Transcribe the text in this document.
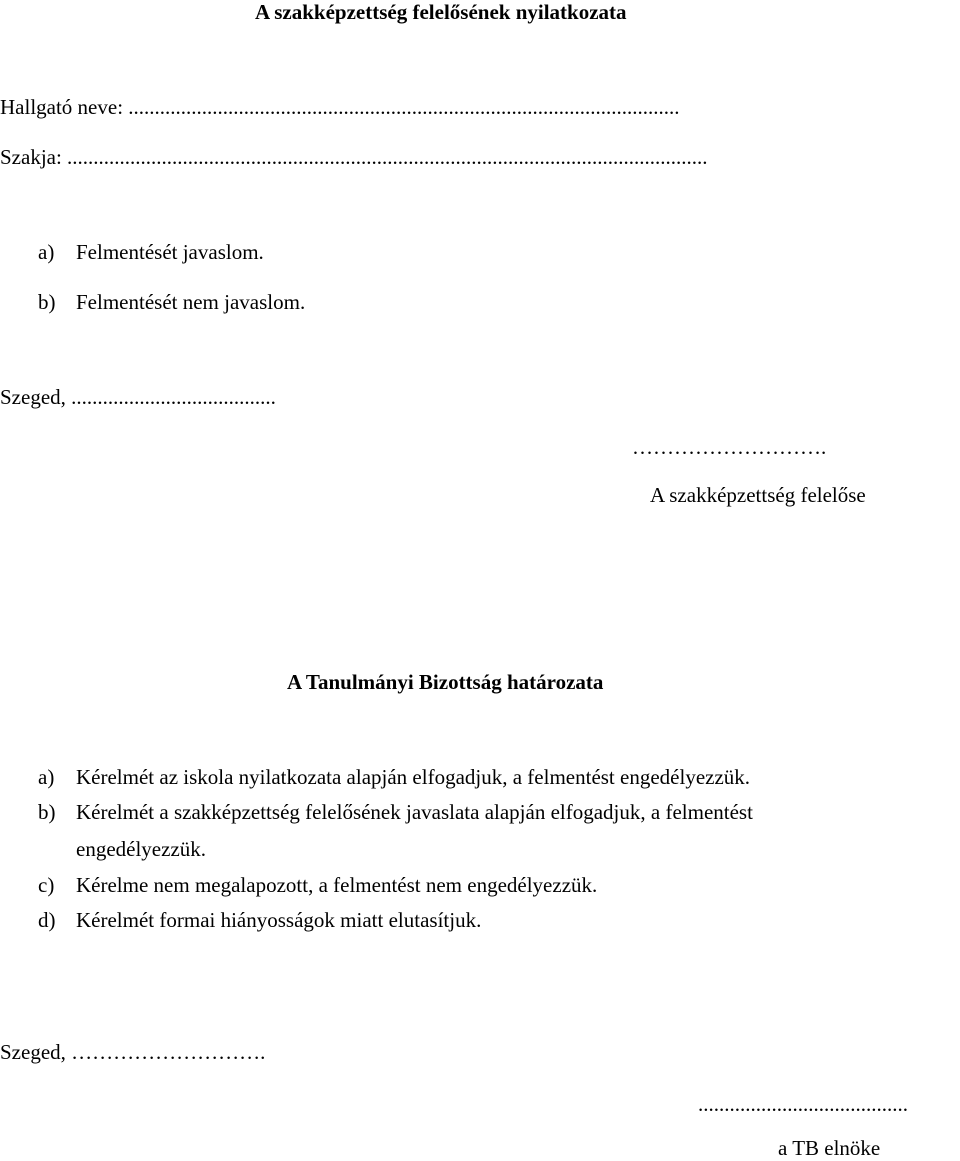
A szakképzettség felelősének nyilatkozata
Hallgató neve: .........................................................................................................
Szakja: ..........................................................................................................................
a)	Felmentését javaslom.
b) Felmentését nem javaslom.
Szeged, .......................................
……………………….
A szakképzettség felelőse
A Tanulmányi Bizottság határozata
a)	Kérelmét az iskola nyilatkozata alapján elfogadjuk, a felmentést engedélyezzük.
b) Kérelmét a szakképzettség felelősének javaslata alapján elfogadjuk, a felmentést
engedélyezzük.
c)	Kérelme nem megalapozott, a felmentést nem engedélyezzük.
d) Kérelmét formai hiányosságok miatt elutasítjuk.
Szeged, ……………………….
........................................
a TB elnöke
